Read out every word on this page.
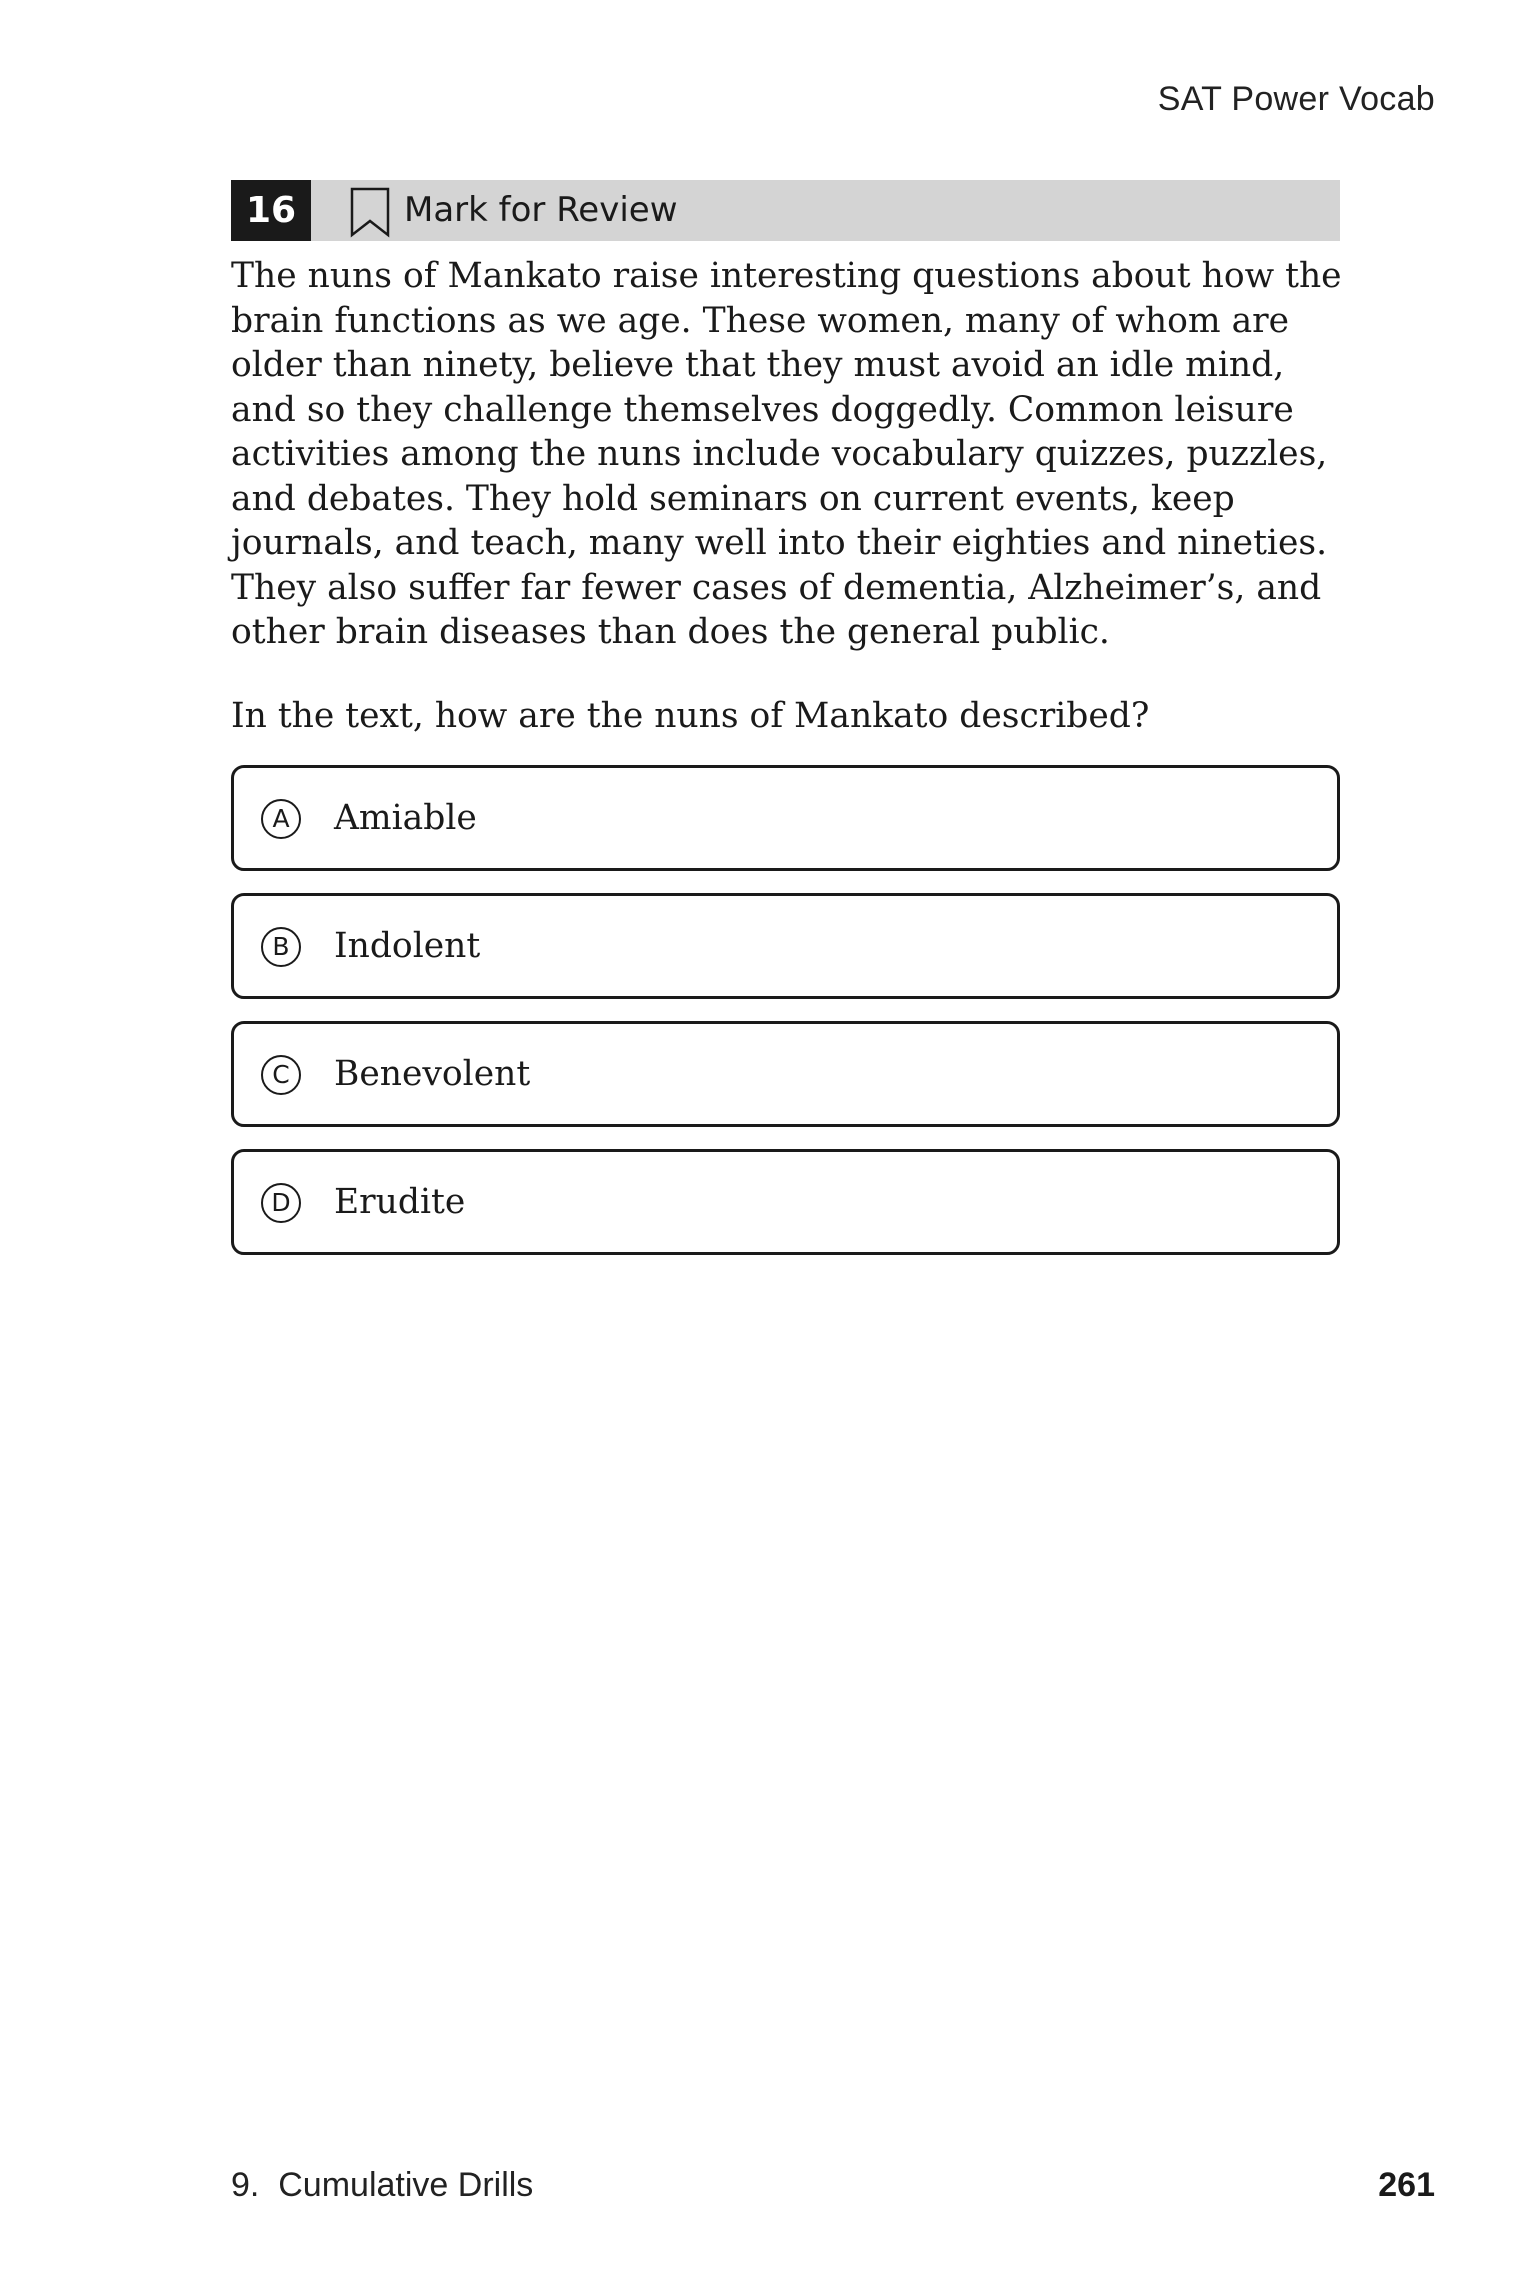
SAT Power Vocab
16	Mark for Review
The nuns of Mankato raise interesting questions about how the
brain functions as we age. These women, many of whom are
older than ninety, believe that they must avoid an idle mind,
and so they challenge themselves doggedly. Common leisure
activities among the nuns include vocabulary quizzes, puzzles,
and debates. They hold seminars on current events, keep
journals, and teach, many well into their eighties and nineties.
They also suffer far fewer cases of dementia, Alzheimer’s, and
other brain diseases than does the general public.

In the text, how are the nuns of Mankato described?

A	Amiable
B	Indolent
C	Benevolent
D	Erudite
9.  Cumulative Drills	261
